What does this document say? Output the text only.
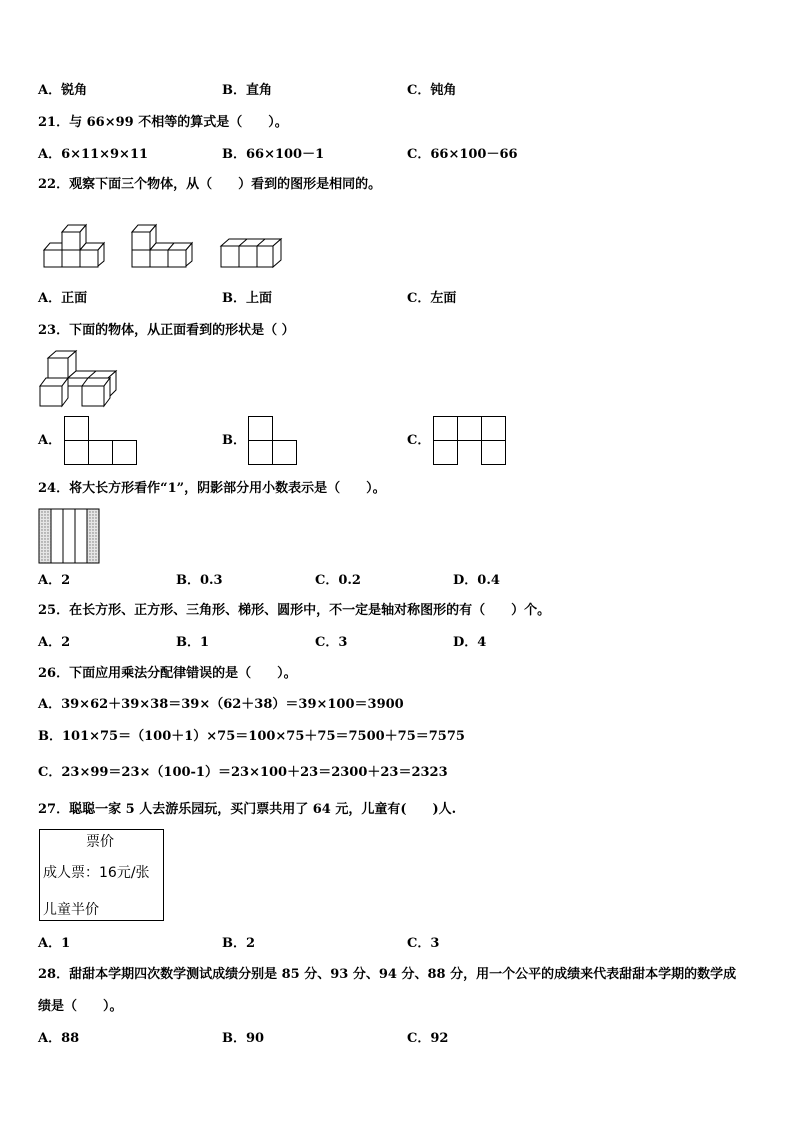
A．锐角	B．直角	C．钝角
21．与 66×99 不相等的算式是（　　）。
A．6×11×9×11	B．66×100－1	C．66×100－66
22．观察下面三个物体，从（　　）看到的图形是相同的。
A．正面	B．上面	C．左面
23．下面的物体，从正面看到的形状是（ ）
A．	B．	C．
24．将大长方形看作“1”，阴影部分用小数表示是（　　）。
A．2	B．0.3	C．0.2	D．0.4
25．在长方形、正方形、三角形、梯形、圆形中，不一定是轴对称图形的有（　　）个。
A．2	B．1	C．3	D．4
26．下面应用乘法分配律错误的是（　　）。
A．39×62＋39×38＝39×（62＋38）＝39×100＝3900
B．101×75＝（100＋1）×75＝100×75＋75＝7500＋75＝7575
C．23×99＝23×（100-1）＝23×100＋23＝2300＋23＝2323
27．聪聪一家 5 人去游乐园玩，买门票共用了 64 元，儿童有(　　)人.
票价
成人票：16元/张
儿童半价
A．1	B．2	C．3
28．甜甜本学期四次数学测试成绩分别是 85 分、93 分、94 分、88 分，用一个公平的成绩来代表甜甜本学期的数学成
绩是（　　）。
A．88	B．90	C．92
